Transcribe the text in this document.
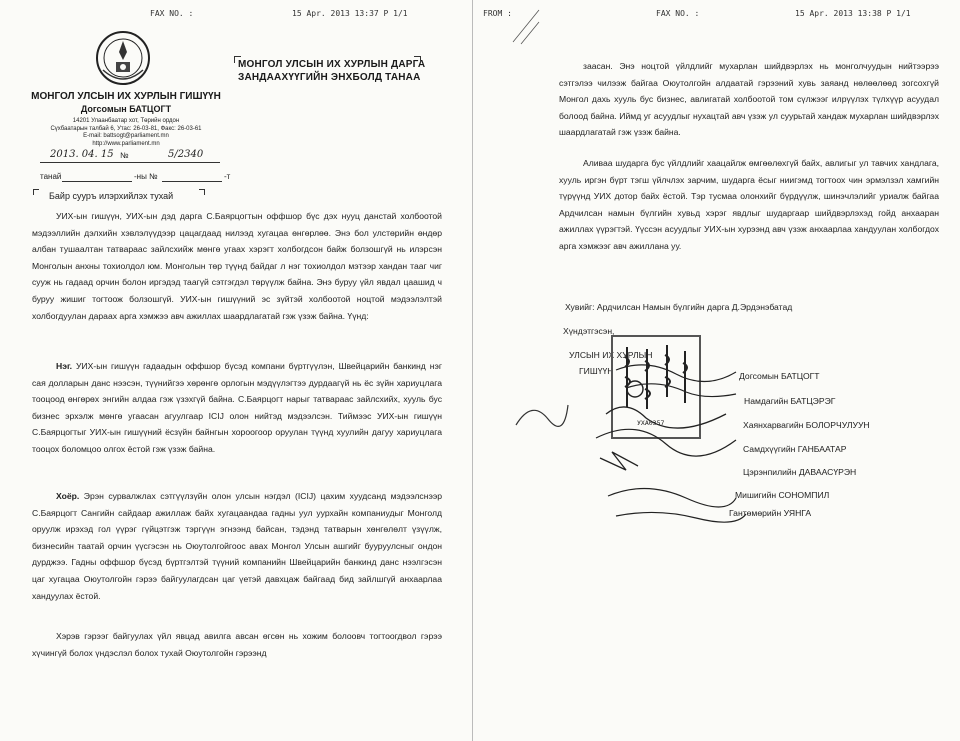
FAX NO. :	15 Apr. 2013 13:37 P 1/1
МОНГОЛ УЛСЫН ИХ ХУРЛЫН ГИШҮҮН
Догсомын БАТЦОГТ
14201 Улаанбаатар хот, Төрийн ордон
Сүхбаатарын талбай 6, Утас: 26-03-81, Факс: 26-03-61
E-mail: battsogt@parliament.mn
http://www.parliament.mn
2013. 04. 15 №	5/2340
танай	-ны №	-т
МОНГОЛ УЛСЫН ИХ ХУРЛЫН ДАРГА
ЗАНДААХҮҮГИЙН ЭНХБОЛД ТАНАА
Байр сууръ илэрхийлэх тухай
УИХ-ын гишүүн, УИХ-ын дэд дарга С.Баярцогтын оффшор бүс дэх нууц данстай холбоотой мэдээллийн дэлхийн хэвлэлүүдээр цацагдаад нилээд хугацаа өнгөрлөө. Энэ бол улстөрийн өндөр албан тушаалтан татвараас зайлсхийж мөнгө угаах хэрэгт холбогдсон байж болзошгүй нь илэрсэн Монголын анхны тохиолдол юм. Монголын төр түүнд байдаг л нэг тохиолдол мэтээр хандан тааг чиг сууж нь гадаад орчин болон иргэдэд таагүй сэтгэгдэл төрүүлж байна. Энэ буруу үйл явдал цаашид ч буруу жишиг тогтоож болзошгүй. УИХ-ын гишүүний эс зүйтэй холбоотой ноцтой мэдээлэлтэй холбогдуулан дараах арга хэмжээ авч ажиллах шаардлагатай гэж үзэж байна. Үүнд:
Нэг. УИХ-ын гишүүн гадаадын оффшор бүсэд компани бүртгүүлэн, Швейцарийн банкинд нэг сая долларын данс нээсэн, түүнийгээ хөрөнгө орлогын мэдүүлэгтээ дурдаагүй нь ёс зүйн хариуцлага тооцоод өнгөрөх энгийн алдаа гэж үзэхгүй байна. С.Баярцогт нарыг татвараас зайлсхийх, хууль бус бизнес эрхэлж мөнгө угаасан агуулгаар ICIJ олон нийтэд мэдээлсэн. Тиймээс УИХ-ын гишүүн С.Баярцогтыг УИХ-ын гишүүний ёсзүйн байнгын хороогоор оруулан түүнд хуулийн дагуу хариуцлага тооцох боломцоо олгох ёстой гэж үзэж байна.
Хоёр. Эрэн сурвалжлах сэтгүүлзүйн олон улсын нэгдэл (ICIJ) цахим хуудсанд мэдээлснээр С.Баярцогт Сангийн сайдаар ажиллаж байх хугацаандаа гадны уул уурхайн компаниудыг Монголд оруулж ирэхэд гол үүрэг гүйцэтгэж тэргүүн эгнээнд байсан, тэдэнд татварын хөнгөлөлт үзүүлж, бизнесийн таатай орчин үүсгэсэн нь Оюутолгойгоос авах Монгол Улсын ашгийг бууруулсныг ондон дурджээ. Гадны оффшор бүсэд бүртгэлтэй түүний компанийн Швейцарийн банкинд данс нээлгэсэн цаг хугацаа Оюутолгойн гэрээ байгуулагдсан цаг үетэй давхцаж байгаад бид зайлшгүй анхаарлаа хандуулах ёстой.
Хэрэв гэрээг байгуулах үйл явцад авилга авсан өгсөн нь хожим болоовч тогтоогдвол гэрээ хүчингүй болох үндэслэл болох тухай Оюутолгойн гэрээнд
FROM :	FAX NO. :	15 Apr. 2013 13:38 P 1/1
заасан. Энэ ноцтой үйлдлийг мухарлан шийдвэрлэх нь монголчуудын нийтээрээ сэтгэлээ чилээж байгаа Оюутолгойн алдаатай гэрээний хувь заяанд нөлөөлөөд зогсохгүй Монгол дахь хууль бус бизнес, авлигатай холбоотой том сүлжээг илрүүлэх түлхүүр асуудал болоод байна. Иймд уг асуудлыг нухацтай авч үзэж ул суурьтай хандаж мухарлан шийдвэрлэх шаардлагатай гэж үзэж байна.
Аливаа шударга бус үйлдлийг хаацайлж өмгөөлөхгүй байх, авлигыг ул тавчих хандлага, хууль иргэн бүрт тэгш үйлчлэх зарчим, шударга ёсыг ниигэмд тогтоох чин эрмэлзэл хамгийн түрүүнд УИХ дотор байх ёстой. Тэр тусмаа олонхийг бүрдүүлж, шинэчлэлийг уриалж байгаа Ардчилсан намын бүлгийн хувьд хэрэг явдлыг шударгаар шийдвэрлэхэд гойд анхааран ажиллах үүрэгтэй. Үүссэн асуудлыг УИХ-ын хурээнд авч үзэж анхаарлаа хандуулан холбогдох арга хэмжээг авч ажиллана уу.
Хувийг: Ардчилсан Намын бүлгийн дарга Д.Эрдэнэбатад
Хүндэтгэсэн,
УЛСЫН ИХ ХУРЛЫН
ГИШҮҮН	Догсомын БАТЦОГТ
Намдагийн БАТЦЭРЭГ
Хаянхарвагийн БОЛОРЧУЛУУН
Самдхүүгийн ГАНБААТАР
Цэрэнпилийн ДАВААСҮРЭН
Мишигийн СОНОМПИЛ
Гантөмөрийн УЯНГА
УХА0357
